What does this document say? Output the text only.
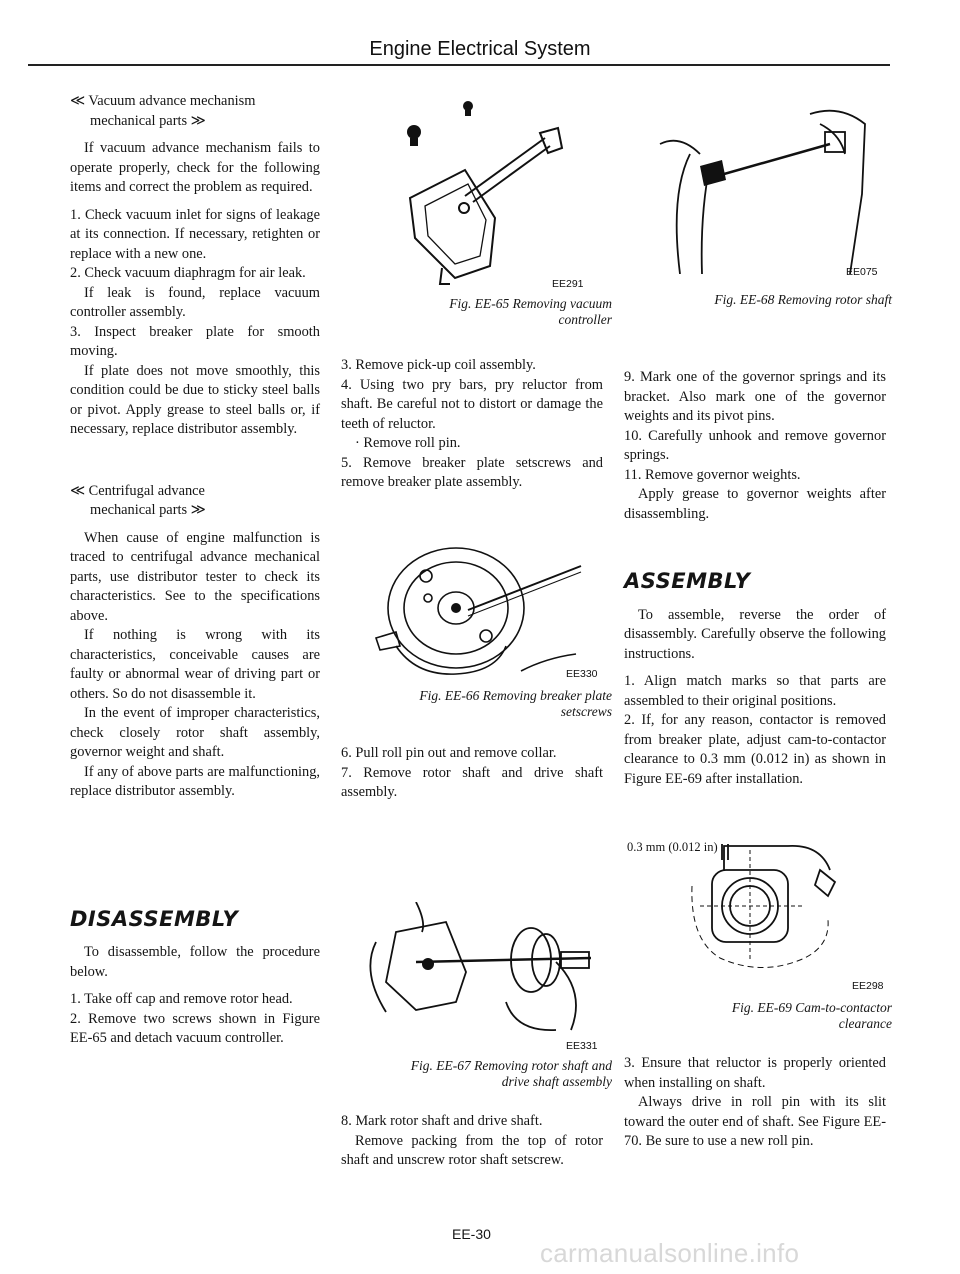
Engine Electrical System

≪ Vacuum advance mechanism
mechanical parts ≫

If vacuum advance mechanism fails to operate properly, check for the following items and correct the problem as required.

1. Check vacuum inlet for signs of leakage at its connection. If necessary, retighten or replace with a new one.

2. Check vacuum diaphragm for air leak.

If leak is found, replace vacuum controller assembly.

3. Inspect breaker plate for smooth moving.

If plate does not move smoothly, this condition could be due to sticky steel balls or pivot. Apply grease to steel balls or, if necessary, replace distributor assembly.

≪ Centrifugal advance
mechanical parts ≫

When cause of engine malfunction is traced to centrifugal advance mechanical parts, use distributor tester to check its characteristics. See to the specifications above.

If nothing is wrong with its characteristics, conceivable causes are faulty or abnormal wear of driving part or others. So do not disassemble it.

In the event of improper characteristics, check closely rotor shaft assembly, governor weight and shaft.

If any of above parts are malfunctioning, replace distributor assembly.

DISASSEMBLY

To disassemble, follow the procedure below.

1. Take off cap and remove rotor head.

2. Remove two screws shown in Figure EE-65 and detach vacuum controller.

EE291
Fig. EE-65 Removing vacuum
controller

3. Remove pick-up coil assembly.

4. Using two pry bars, pry reluctor from shaft. Be careful not to distort or damage the teeth of reluctor.

· Remove roll pin.

5. Remove breaker plate setscrews and remove breaker plate assembly.

EE330
Fig. EE-66 Removing breaker plate
setscrews

6. Pull roll pin out and remove collar.

7. Remove rotor shaft and drive shaft assembly.

EE331
Fig. EE-67 Removing rotor shaft and
drive shaft assembly

8. Mark rotor shaft and drive shaft.

Remove packing from the top of rotor shaft and unscrew rotor shaft setscrew.

EE075
Fig. EE-68 Removing rotor shaft

9. Mark one of the governor springs and its bracket. Also mark one of the governor weights and its pivot pins.

10. Carefully unhook and remove governor springs.

11. Remove governor weights.

Apply grease to governor weights after disassembling.

ASSEMBLY

To assemble, reverse the order of disassembly. Carefully observe the following instructions.

1. Align match marks so that parts are assembled to their original positions.

2. If, for any reason, contactor is removed from breaker plate, adjust cam-to-contactor clearance to 0.3 mm (0.012 in) as shown in Figure EE-69 after installation.

0.3 mm (0.012 in)
EE298
Fig. EE-69 Cam-to-contactor
clearance

3. Ensure that reluctor is properly oriented when installing on shaft.

Always drive in roll pin with its slit toward the outer end of shaft. See Figure EE-70. Be sure to use a new roll pin.

EE-30
carmanualsonline.info
